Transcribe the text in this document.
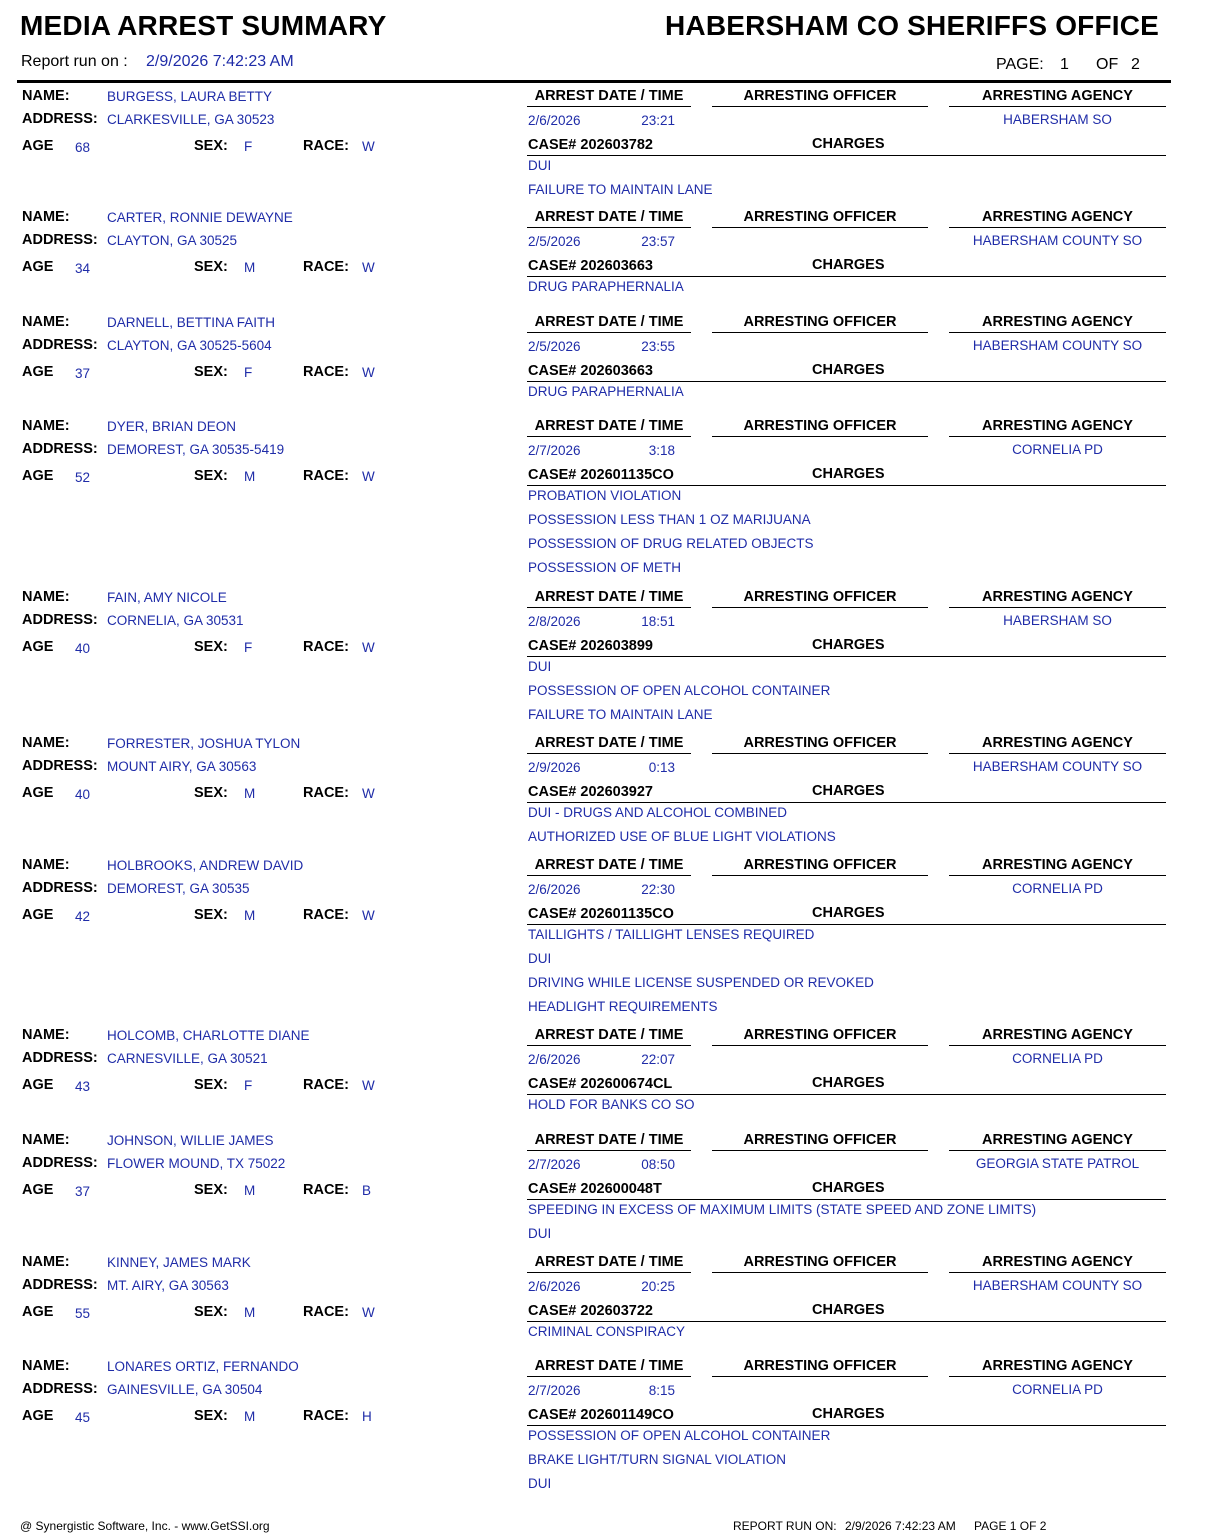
MEDIA ARREST SUMMARY	HABERSHAM CO SHERIFFS OFFICE
Report run on : 2/9/2026 7:42:23 AM	PAGE: 1 OF 2
NAME:	BURGESS, LAURA BETTY
ADDRESS: CLARKESVILLE, GA 30523
AGE 68	SEX: F	RACE: W
ARREST DATE / TIME	ARRESTING OFFICER	ARRESTING AGENCY
2/6/2026	23:21	HABERSHAM SO
CASE# 202603782	CHARGES
DUI
FAILURE TO MAINTAIN LANE
NAME:	CARTER, RONNIE DEWAYNE
ADDRESS: CLAYTON, GA 30525
AGE 34	SEX: M	RACE: W
ARREST DATE / TIME	ARRESTING OFFICER	ARRESTING AGENCY
2/5/2026	23:57	HABERSHAM COUNTY SO
CASE# 202603663	CHARGES
DRUG PARAPHERNALIA
NAME:	DARNELL, BETTINA FAITH
ADDRESS: CLAYTON, GA 30525-5604
AGE 37	SEX: F	RACE: W
ARREST DATE / TIME	ARRESTING OFFICER	ARRESTING AGENCY
2/5/2026	23:55	HABERSHAM COUNTY SO
CASE# 202603663	CHARGES
DRUG PARAPHERNALIA
NAME:	DYER, BRIAN DEON
ADDRESS: DEMOREST, GA 30535-5419
AGE 52	SEX: M	RACE: W
ARREST DATE / TIME	ARRESTING OFFICER	ARRESTING AGENCY
2/7/2026	3:18	CORNELIA PD
CASE# 202601135CO	CHARGES
PROBATION VIOLATION
POSSESSION LESS THAN 1 OZ MARIJUANA
POSSESSION OF DRUG RELATED OBJECTS
POSSESSION OF METH
NAME:	FAIN, AMY NICOLE
ADDRESS: CORNELIA, GA 30531
AGE 40	SEX: F	RACE: W
ARREST DATE / TIME	ARRESTING OFFICER	ARRESTING AGENCY
2/8/2026	18:51	HABERSHAM SO
CASE# 202603899	CHARGES
DUI
POSSESSION OF OPEN ALCOHOL CONTAINER
FAILURE TO MAINTAIN LANE
NAME:	FORRESTER, JOSHUA TYLON
ADDRESS: MOUNT AIRY, GA 30563
AGE 40	SEX: M	RACE: W
ARREST DATE / TIME	ARRESTING OFFICER	ARRESTING AGENCY
2/9/2026	0:13	HABERSHAM COUNTY SO
CASE# 202603927	CHARGES
DUI - DRUGS AND ALCOHOL COMBINED
AUTHORIZED USE OF BLUE LIGHT VIOLATIONS
NAME:	HOLBROOKS, ANDREW DAVID
ADDRESS: DEMOREST, GA 30535
AGE 42	SEX: M	RACE: W
ARREST DATE / TIME	ARRESTING OFFICER	ARRESTING AGENCY
2/6/2026	22:30	CORNELIA PD
CASE# 202601135CO	CHARGES
TAILLIGHTS / TAILLIGHT LENSES REQUIRED
DUI
DRIVING WHILE LICENSE SUSPENDED OR REVOKED
HEADLIGHT REQUIREMENTS
NAME:	HOLCOMB, CHARLOTTE DIANE
ADDRESS: CARNESVILLE, GA 30521
AGE 43	SEX: F	RACE: W
ARREST DATE / TIME	ARRESTING OFFICER	ARRESTING AGENCY
2/6/2026	22:07	CORNELIA PD
CASE# 202600674CL	CHARGES
HOLD FOR BANKS CO SO
NAME:	JOHNSON, WILLIE JAMES
ADDRESS: FLOWER MOUND, TX 75022
AGE 37	SEX: M	RACE: B
ARREST DATE / TIME	ARRESTING OFFICER	ARRESTING AGENCY
2/7/2026	08:50	GEORGIA STATE PATROL
CASE# 202600048T	CHARGES
SPEEDING IN EXCESS OF MAXIMUM LIMITS (STATE SPEED AND ZONE LIMITS)
DUI
NAME:	KINNEY, JAMES MARK
ADDRESS: MT. AIRY, GA 30563
AGE 55	SEX: M	RACE: W
ARREST DATE / TIME	ARRESTING OFFICER	ARRESTING AGENCY
2/6/2026	20:25	HABERSHAM COUNTY SO
CASE# 202603722	CHARGES
CRIMINAL CONSPIRACY
NAME:	LONARES ORTIZ, FERNANDO
ADDRESS: GAINESVILLE, GA 30504
AGE 45	SEX: M	RACE: H
ARREST DATE / TIME	ARRESTING OFFICER	ARRESTING AGENCY
2/7/2026	8:15	CORNELIA PD
CASE# 202601149CO	CHARGES
POSSESSION OF OPEN ALCOHOL CONTAINER
BRAKE LIGHT/TURN SIGNAL VIOLATION
DUI
@ Synergistic Software, Inc. - www.GetSSI.org	REPORT RUN ON: 2/9/2026 7:42:23 AM PAGE 1 OF 2
